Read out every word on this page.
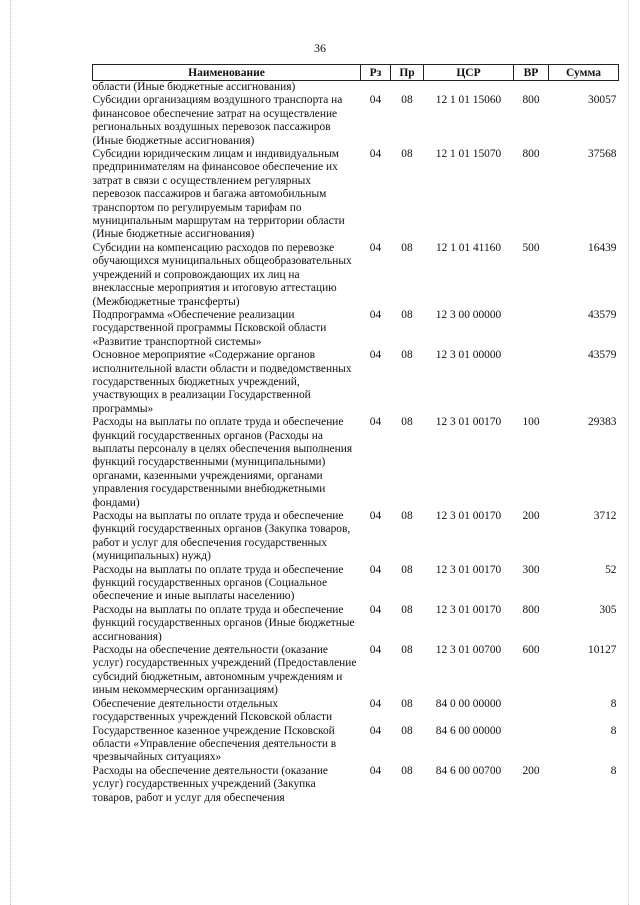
36
Наименование	Рз	Пр	ЦСР	ВР	Сумма
области (Иные бюджетные ассигнования)					
Субсидии организациям воздушного транспорта на финансовое обеспечение затрат на осуществление региональных воздушных перевозок пассажиров (Иные бюджетные ассигнования)	04	08	12 1 01 15060	800	30057
Субсидии юридическим лицам и индивидуальным предпринимателям на финансовое обеспечение их затрат в связи с осуществлением регулярных перевозок пассажиров и багажа автомобильным транспортом по регулируемым тарифам по муниципальным маршрутам на территории области (Иные бюджетные ассигнования)	04	08	12 1 01 15070	800	37568
Субсидии на компенсацию расходов по перевозке обучающихся муниципальных общеобразовательных учреждений и сопровождающих их лиц на внеклассные мероприятия и итоговую аттестацию (Межбюджетные трансферты)	04	08	12 1 01 41160	500	16439
Подпрограмма «Обеспечение реализации государственной программы Псковской области «Развитие транспортной системы»	04	08	12 3 00 00000		43579
Основное мероприятие «Содержание органов исполнительной власти области и подведомственных государственных бюджетных учреждений, участвующих в реализации Государственной программы»	04	08	12 3 01 00000		43579
Расходы на выплаты по оплате труда и обеспечение функций государственных органов (Расходы на выплаты персоналу в целях обеспечения выполнения функций государственными (муниципальными) органами, казенными учреждениями, органами управления государственными внебюджетными фондами)	04	08	12 3 01 00170	100	29383
Расходы на выплаты по оплате труда и обеспечение функций государственных органов (Закупка товаров, работ и услуг для обеспечения государственных (муниципальных) нужд)	04	08	12 3 01 00170	200	3712
Расходы на выплаты по оплате труда и обеспечение функций государственных органов (Социальное обеспечение и иные выплаты населению)	04	08	12 3 01 00170	300	52
Расходы на выплаты по оплате труда и обеспечение функций государственных органов (Иные бюджетные ассигнования)	04	08	12 3 01 00170	800	305
Расходы на обеспечение деятельности (оказание услуг) государственных учреждений (Предоставление субсидий бюджетным, автономным учреждениям и иным некоммерческим организациям)	04	08	12 3 01 00700	600	10127
Обеспечение деятельности отдельных государственных учреждений Псковской области	04	08	84 0 00 00000		8
Государственное казенное учреждение Псковской области «Управление обеспечения деятельности в чрезвычайных ситуациях»	04	08	84 6 00 00000		8
Расходы на обеспечение деятельности (оказание услуг) государственных учреждений (Закупка товаров, работ и услуг для обеспечения	04	08	84 6 00 00700	200	8
